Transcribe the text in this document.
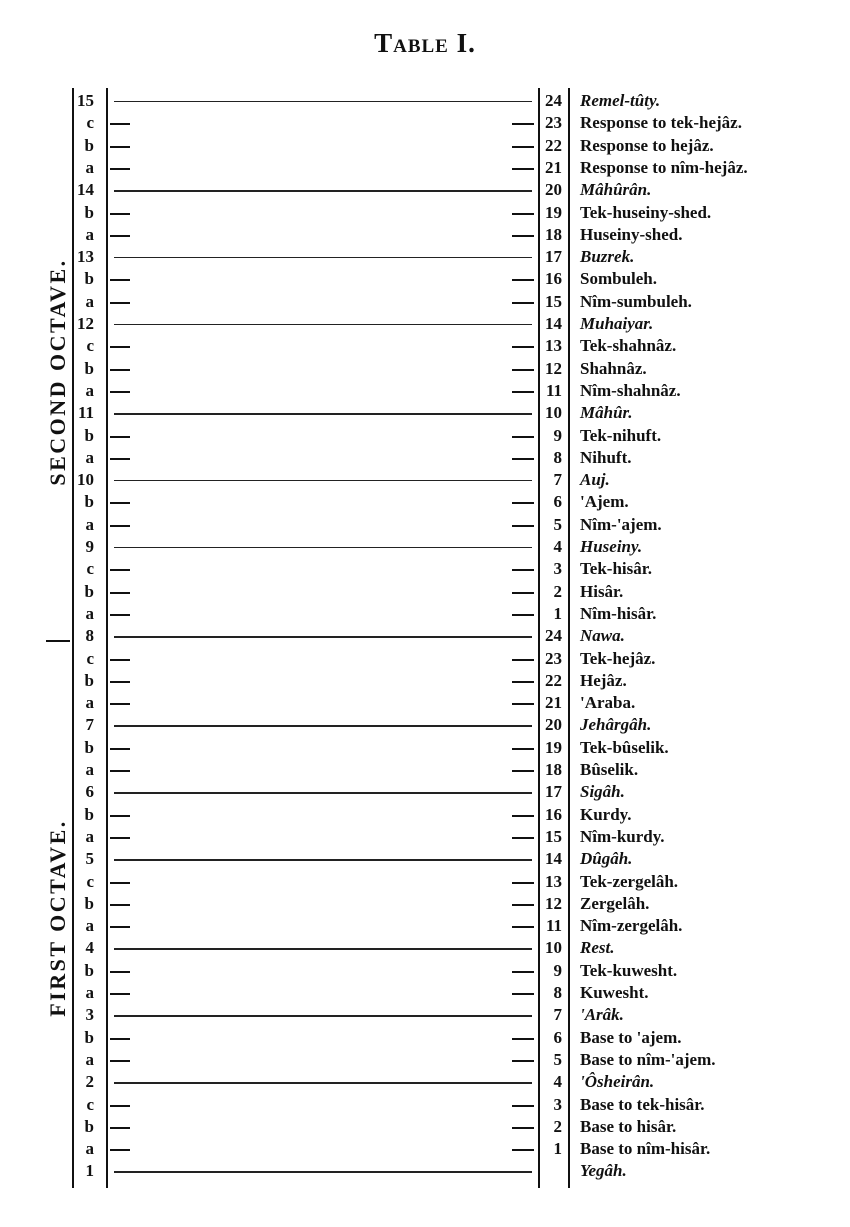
Table I.
SECOND OCTAVE.
FIRST OCTAVE.
15	24 Remel-tûty.
c	23 Response to tek-hejâz.
b	22 Response to hejâz.
a	21 Response to nîm-hejâz.
14	20 Mâhûrân.
b	19 Tek-huseiny-shed.
a	18 Huseiny-shed.
13	17 Buzrek.
b	16 Sombuleh.
a	15 Nîm-sumbuleh.
12	14 Muhaiyar.
c	13 Tek-shahnâz.
b	12 Shahnâz.
a	11 Nîm-shahnâz.
11	10 Mâhûr.
b	9 Tek-nihuft.
a	8 Nihuft.
10	7 Auj.
b	6 'Ajem.
a	5 Nîm-'ajem.
9	4 Huseiny.
c	3 Tek-hisâr.
b	2 Hisâr.
a	1 Nîm-hisâr.
8	24 Nawa.
c	23 Tek-hejâz.
b	22 Hejâz.
a	21 'Araba.
7	20 Jehârgâh.
b	19 Tek-bûselik.
a	18 Bûselik.
6	17 Sigâh.
b	16 Kurdy.
a	15 Nîm-kurdy.
5	14 Dûgâh.
c	13 Tek-zergelâh.
b	12 Zergelâh.
a	11 Nîm-zergelâh.
4	10 Rest.
b	9 Tek-kuwesht.
a	8 Kuwesht.
3	7 'Arâk.
b	6 Base to 'ajem.
a	5 Base to nîm-'ajem.
2	4 'Ôsheirân.
c	3 Base to tek-hisâr.
b	2 Base to hisâr.
a	1 Base to nîm-hisâr.
1	Yegâh.
